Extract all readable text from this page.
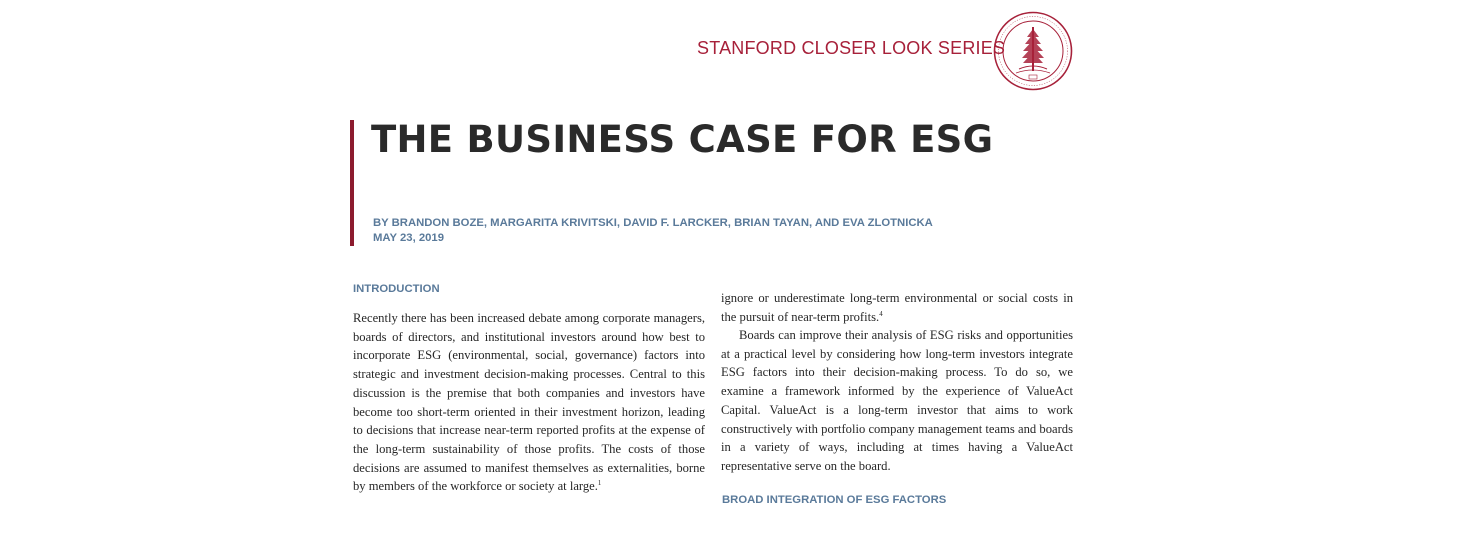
STANFORD CLOSER LOOK SERIES
THE BUSINESS CASE FOR ESG
BY BRANDON BOZE, MARGARITA KRIVITSKI, DAVID F. LARCKER, BRIAN TAYAN, AND EVA ZLOTNICKA
MAY 23, 2019
INTRODUCTION

Recently there has been increased debate among corporate managers, boards of directors, and institutional investors around how best to incorporate ESG (environmental, social, governance) factors into strategic and investment decision-making processes. Central to this discussion is the premise that both companies and investors have become too short-term oriented in their investment horizon, leading to decisions that increase near-term reported profits at the expense of the long-term sustainability of those profits. The costs of those decisions are assumed to manifest themselves as externalities, borne by members of the workforce or society at large.$^1$

ignore or underestimate long-term environmental or social costs in the pursuit of near-term profits.$^4$

Boards can improve their analysis of ESG risks and opportunities at a practical level by considering how long-term investors integrate ESG factors into their decision-making process. To do so, we examine a framework informed by the experience of ValueAct Capital. ValueAct is a long-term investor that aims to work constructively with portfolio company management teams and boards in a variety of ways, including at times having a ValueAct representative serve on the board.

BROAD INTEGRATION OF ESG FACTORS
